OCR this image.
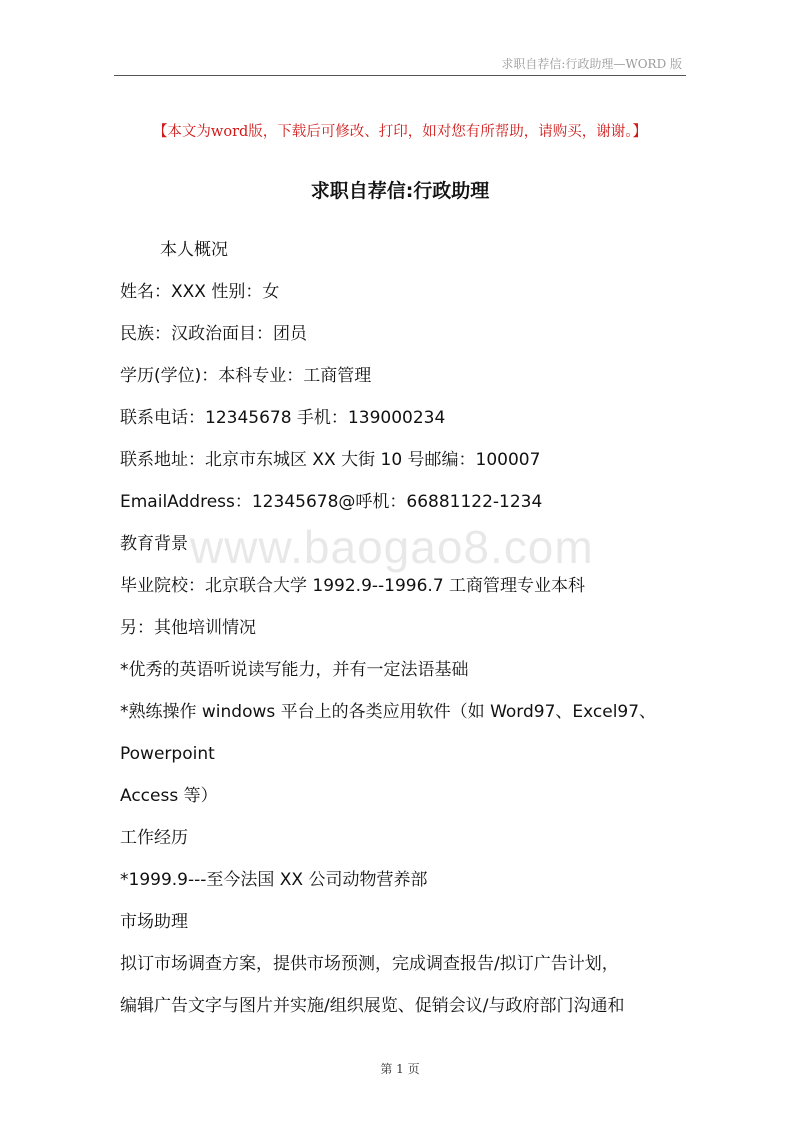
求职自荐信:行政助理—WORD 版
【本文为word版，下载后可修改、打印，如对您有所帮助，请购买，谢谢。】
求职自荐信:行政助理
本人概况
姓名：XXX 性别：女
民族：汉政治面目：团员
学历(学位)：本科专业：工商管理
联系电话：12345678 手机：139000234
联系地址：北京市东城区 XX 大街 10 号邮编：100007
EmailAddress：12345678@呼机：66881122-1234
教育背景
毕业院校：北京联合大学 1992.9--1996.7 工商管理专业本科
另：其他培训情况
*优秀的英语听说读写能力，并有一定法语基础
*熟练操作 windows 平台上的各类应用软件（如 Word97、Excel97、
Powerpoint
Access 等）
工作经历
*1999.9---至今法国 XX 公司动物营养部
市场助理
拟订市场调查方案，提供市场预测，完成调查报告/拟订广告计划，
编辑广告文字与图片并实施/组织展览、促销会议/与政府部门沟通和
www.baogao8.com
第 1 页
